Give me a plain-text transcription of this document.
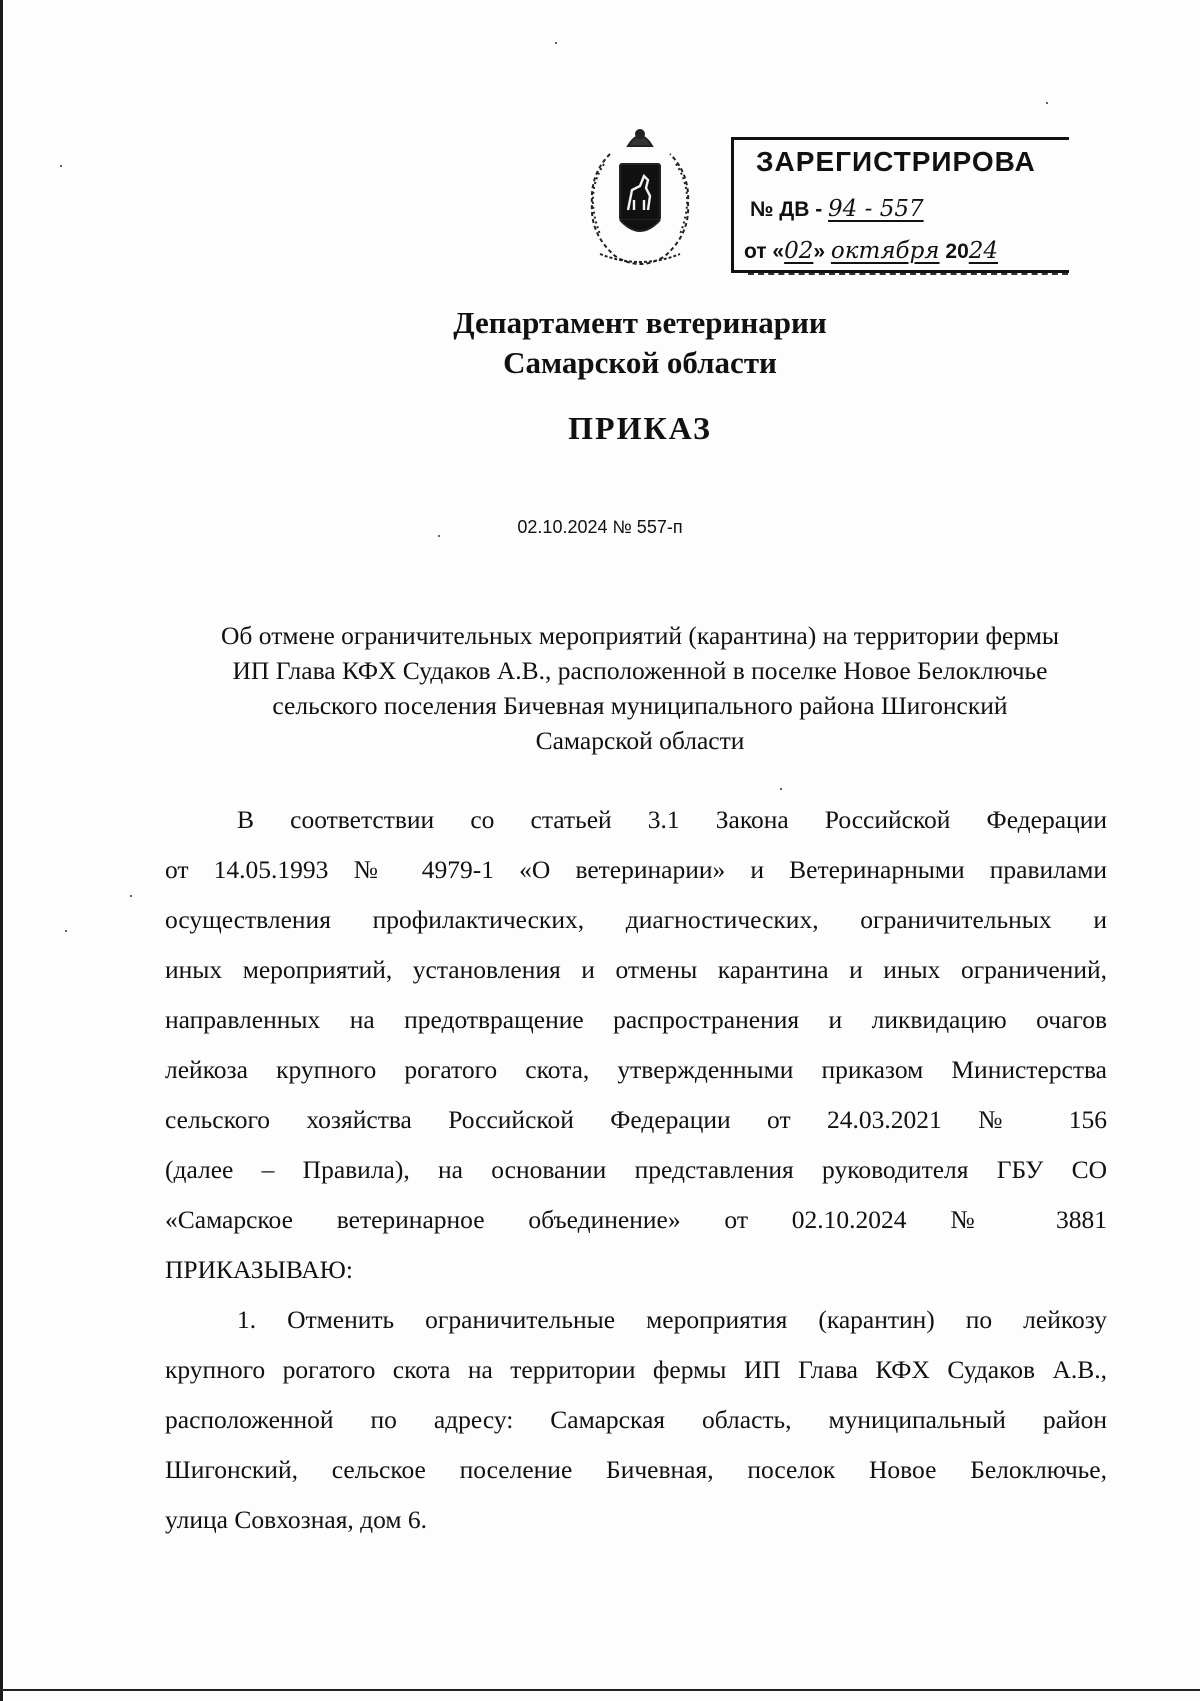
ЗАРЕГИСТРИРОВА
№ ДВ - 94 - 557
от «02» октября 2024
Департамент ветеринарии
Самарской области
ПРИКАЗ
02.10.2024 № 557-п
Об отмене ограничительных мероприятий (карантина) на территории фермы
ИП Глава КФХ Судаков А.В., расположенной в поселке Новое Белоключье
сельского поселения Бичевная муниципального района Шигонский
Самарской области

В соответствии со статьей 3.1 Закона Российской Федерации

от 14.05.1993 № 4979-1 «О ветеринарии» и Ветеринарными правилами

осуществления профилактических, диагностических, ограничительных и

иных мероприятий, установления и отмены карантина и иных ограничений,

направленных на предотвращение распространения и ликвидацию очагов

лейкоза крупного рогатого скота, утвержденными приказом Министерства

сельского хозяйства Российской Федерации от 24.03.2021 № 156

(далее – Правила), на основании представления руководителя ГБУ СО

«Самарское ветеринарное объединение» от 02.10.2024 № 3881

ПРИКАЗЫВАЮ:

1. Отменить ограничительные мероприятия (карантин) по лейкозу

крупного рогатого скота на территории фермы ИП Глава КФХ Судаков А.В.,

расположенной по адресу: Самарская область, муниципальный район

Шигонский, сельское поселение Бичевная, поселок Новое Белоключье,

улица Совхозная, дом 6.
